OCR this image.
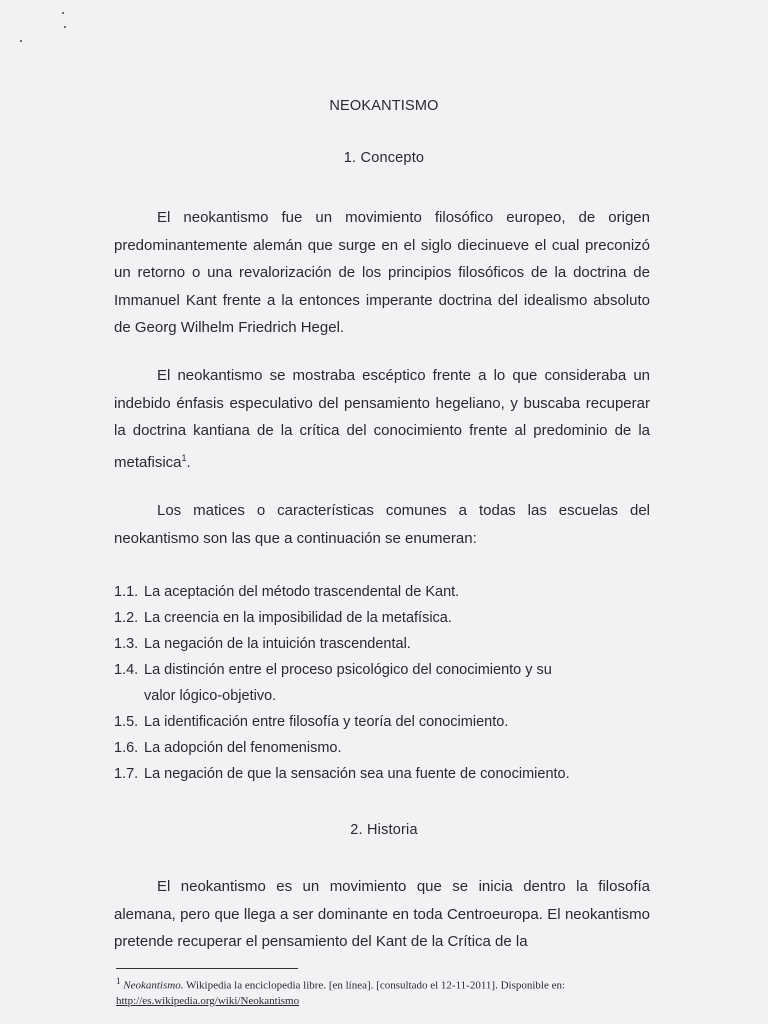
NEOKANTISMO
1. Concepto

El neokantismo fue un movimiento filosófico europeo, de origen predominantemente alemán que surge en el siglo diecinueve el cual preconizó un retorno o una revalorización de los principios filosóficos de la doctrina de Immanuel Kant frente a la entonces imperante doctrina del idealismo absoluto de Georg Wilhelm Friedrich Hegel.

El neokantismo se mostraba escéptico frente a lo que consideraba un indebido énfasis especulativo del pensamiento hegeliano, y buscaba recuperar la doctrina kantiana de la crítica del conocimiento frente al predominio de la metafisica$^1$.

Los matices o características comunes a todas las escuelas del neokantismo son las que a continuación se enumeran:

1.1. La aceptación del método trascendental de Kant.
1.2. La creencia en la imposibilidad de la metafísica.
1.3. La negación de la intuición trascendental.
1.4. La distinción entre el proceso psicológico del conocimiento y su valor lógico-objetivo.
1.5. La identificación entre filosofía y teoría del conocimiento.
1.6. La adopción del fenomenismo.
1.7. La negación de que la sensación sea una fuente de conocimiento.
2. Historia

El neokantismo es un movimiento que se inicia dentro la filosofía alemana, pero que llega a ser dominante en toda Centroeuropa. El neokantismo pretende recuperar el pensamiento del Kant de la Crítica de la

$^1$ Neokantismo. Wikipedia la enciclopedia libre. [en línea]. [consultado el 12-11-2011]. Disponible en:
http://es.wikipedia.org/wiki/Neokantismo
